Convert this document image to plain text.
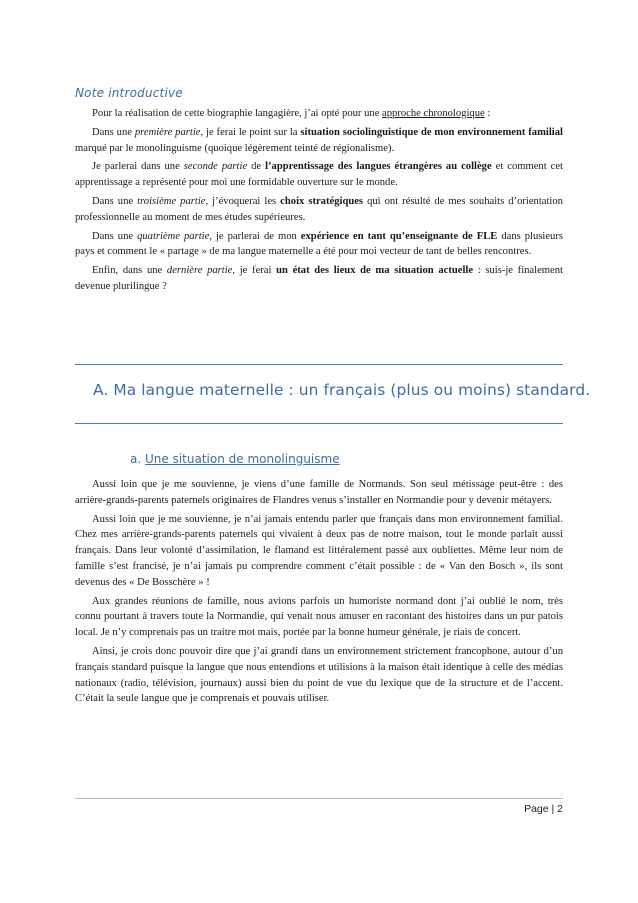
Note introductive

Pour la réalisation de cette biographie langagière, j’ai opté pour une approche chronologique :

Dans une première partie, je ferai le point sur la situation sociolinguistique de mon environnement familial marqué par le monolinguisme (quoique légèrement teinté de régionalisme).

Je parlerai dans une seconde partie de l’apprentissage des langues étrangères au collège et comment cet apprentissage a représenté pour moi une formidable ouverture sur le monde.

Dans une troisième partie, j’évoquerai les choix stratégiques qui ont résulté de mes souhaits d’orientation professionnelle au moment de mes études supérieures.

Dans une quatrième partie, je parlerai de mon expérience en tant qu’enseignante de FLE dans plusieurs pays et comment le « partage » de ma langue maternelle a été pour moi vecteur de tant de belles rencontres.

Enfin, dans une dernière partie, je ferai un état des lieux de ma situation actuelle : suis-je finalement devenue plurilingue ?

A. Ma langue maternelle : un français (plus ou moins) standard.
a. Une situation de monolinguisme

Aussi loin que je me souvienne, je viens d’une famille de Normands. Son seul métissage peut-être : des arrière-grands-parents paternels originaires de Flandres venus s’installer en Normandie pour y devenir métayers.

Aussi loin que je me souvienne, je n’ai jamais entendu parler que français dans mon environnement familial. Chez mes arrière-grands-parents paternels qui vivaient à deux pas de notre maison, tout le monde parlait aussi français. Dans leur volonté d’assimilation, le flamand est littéralement passé aux oubliettes. Même leur nom de famille s’est francisé, je n’ai jamais pu comprendre comment c’était possible : de « Van den Bosch », ils sont devenus des « De Bosschère » !

Aux grandes réunions de famille, nous avions parfois un humoriste normand dont j’ai oublié le nom, très connu pourtant à travers toute la Normandie, qui venait nous amuser en racontant des histoires dans un pur patois local. Je n’y comprenais pas un traitre mot mais, portée par la bonne humeur générale, je riais de concert.

Ainsi, je crois donc pouvoir dire que j’ai grandi dans un environnement strictement francophone, autour d’un français standard puisque la langue que nous entendions et utilisions à la maison était identique à celle des médias nationaux (radio, télévision, journaux) aussi bien du point de vue du lexique que de la structure et de l’accent. C’était la seule langue que je comprenais et pouvais utiliser.

Page | 2
